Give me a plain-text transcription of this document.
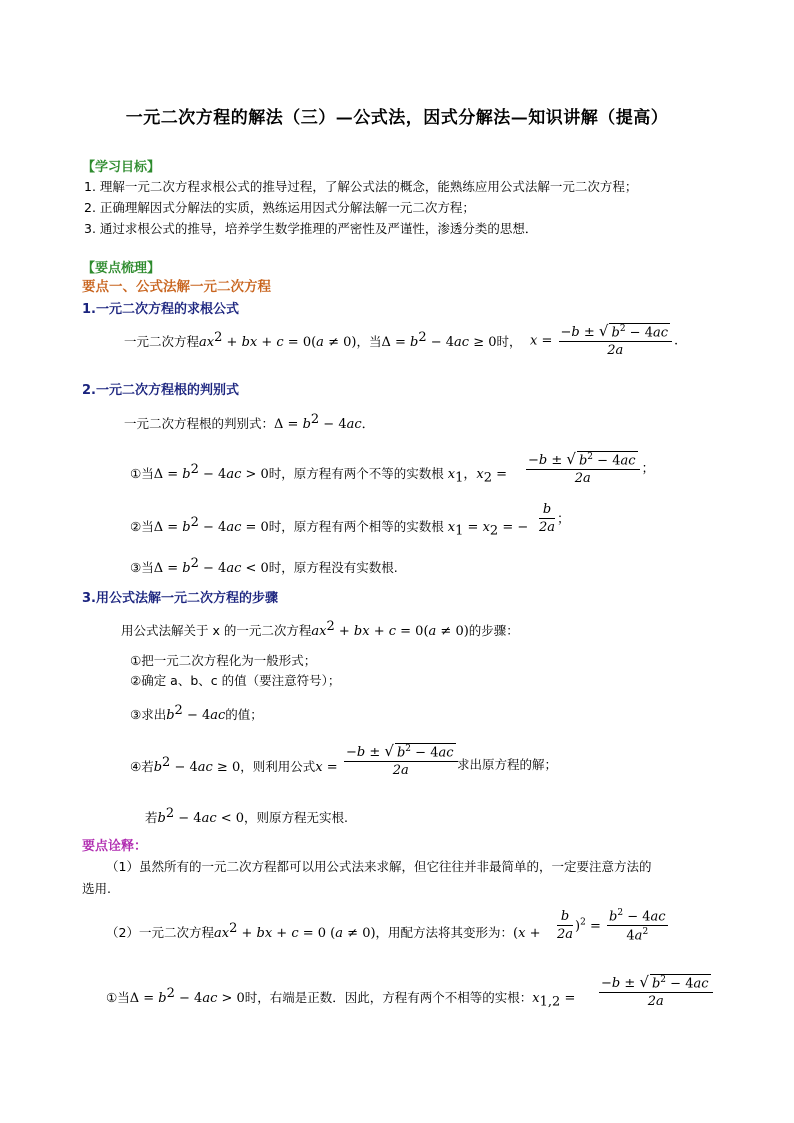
一元二次方程的解法（三）—公式法，因式分解法—知识讲解（提高）
【学习目标】
1. 理解一元二次方程求根公式的推导过程，了解公式法的概念，能熟练应用公式法解一元二次方程；
2. 正确理解因式分解法的实质，熟练运用因式分解法解一元二次方程；
3. 通过求根公式的推导，培养学生数学推理的严密性及严谨性，渗透分类的思想．
【要点梳理】
要点一、公式法解一元二次方程
1.一元二次方程的求根公式
一元二次方程$ax^2$ + bx + c = 0(a ≠ 0)，当$\Delta = b^2 - 4ac \ge 0$时， $x = \frac{-b \pm √ b^2 - 4ac}{2a}$ .
2.一元二次方程根的判别式
一元二次方程根的判别式：$\Delta = b^2 - 4ac$．
①当$\Delta = b^2 - 4ac > 0$时，原方程有两个不等的实数根 $x_1$，$x_2 = \frac{-b \pm √ b^2 - 4ac}{2a}$ ；
②当$\Delta = b^2 - 4ac = 0$时，原方程有两个相等的实数根 $x_1 = x_2$ = − $\frac{b}{2a}$ ；
③当$\Delta = b^2 - 4ac < 0$时，原方程没有实数根.
3.用公式法解一元二次方程的步骤
用公式法解关于 x 的一元二次方程$ax^2$ + bx + c = 0(a ≠ 0)的步骤：
①把一元二次方程化为一般形式；
②确定 a、b、c 的值（要注意符号）；
③求出$b^2 - 4ac$的值；
④若$b^2 - 4ac \ge 0$，则利用公式$x = \frac{-b \pm √ b^2 - 4ac}{2a}$ 求出原方程的解；
若$b^2 - 4ac < 0$，则原方程无实根.
要点诠释：
（1）虽然所有的一元二次方程都可以用公式法来求解，但它往往并非最简单的，一定要注意方法的
选用.
（2）一元二次方程$ax^2$ + bx + c = 0 (a ≠ 0)，用配方法将其变形为：$(x + \frac{b}{2a} )^2 = \frac{b^2 - 4ac}{4a^2}$
①当$\Delta = b^2 - 4ac > 0$时，右端是正数．因此，方程有两个不相等的实根：$x_{1,2} = \frac{-b \pm √ b^2 - 4ac}{2a}$
